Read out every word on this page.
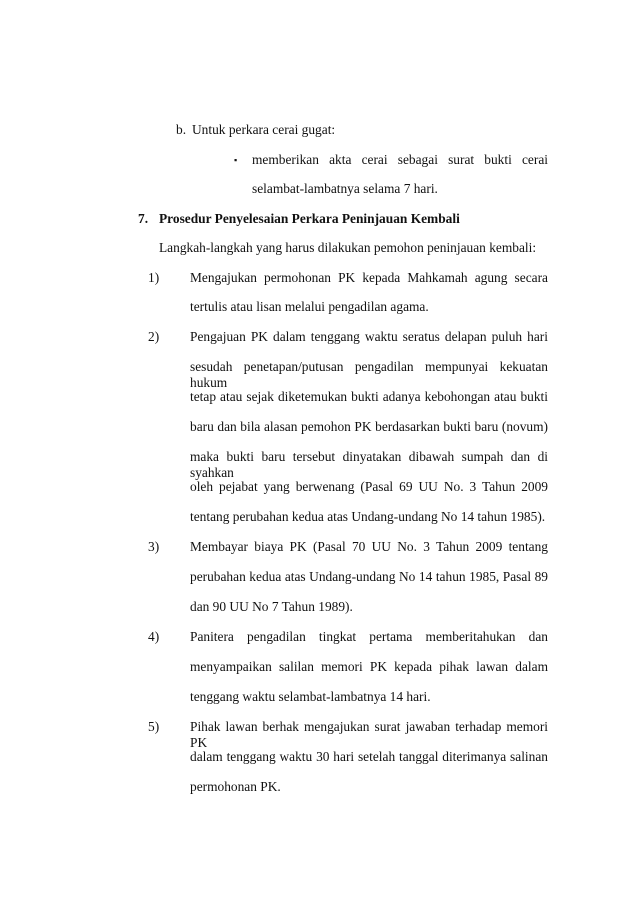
b. Untuk perkara cerai gugat:
▪ memberikan akta cerai sebagai surat bukti cerai
selambat-lambatnya selama 7 hari.
7. Prosedur Penyelesaian Perkara Peninjauan Kembali
Langkah-langkah yang harus dilakukan pemohon peninjauan kembali:
1) Mengajukan permohonan PK kepada Mahkamah agung secara
tertulis atau lisan melalui pengadilan agama.
2) Pengajuan PK dalam tenggang waktu seratus delapan puluh hari
sesudah penetapan/putusan pengadilan mempunyai kekuatan hukum
tetap atau sejak diketemukan bukti adanya kebohongan atau bukti
baru dan bila alasan pemohon PK berdasarkan bukti baru (novum)
maka bukti baru tersebut dinyatakan dibawah sumpah dan di syahkan
oleh pejabat yang berwenang (Pasal 69 UU No. 3 Tahun 2009
tentang perubahan kedua atas Undang-undang No 14 tahun 1985).
3) Membayar biaya PK (Pasal 70 UU No. 3 Tahun 2009 tentang
perubahan kedua atas Undang-undang No 14 tahun 1985, Pasal 89
dan 90 UU No 7 Tahun 1989).
4) Panitera pengadilan tingkat pertama memberitahukan dan
menyampaikan salilan memori PK kepada pihak lawan dalam
tenggang waktu selambat-lambatnya 14 hari.
5) Pihak lawan berhak mengajukan surat jawaban terhadap memori PK
dalam tenggang waktu 30 hari setelah tanggal diterimanya salinan
permohonan PK.
